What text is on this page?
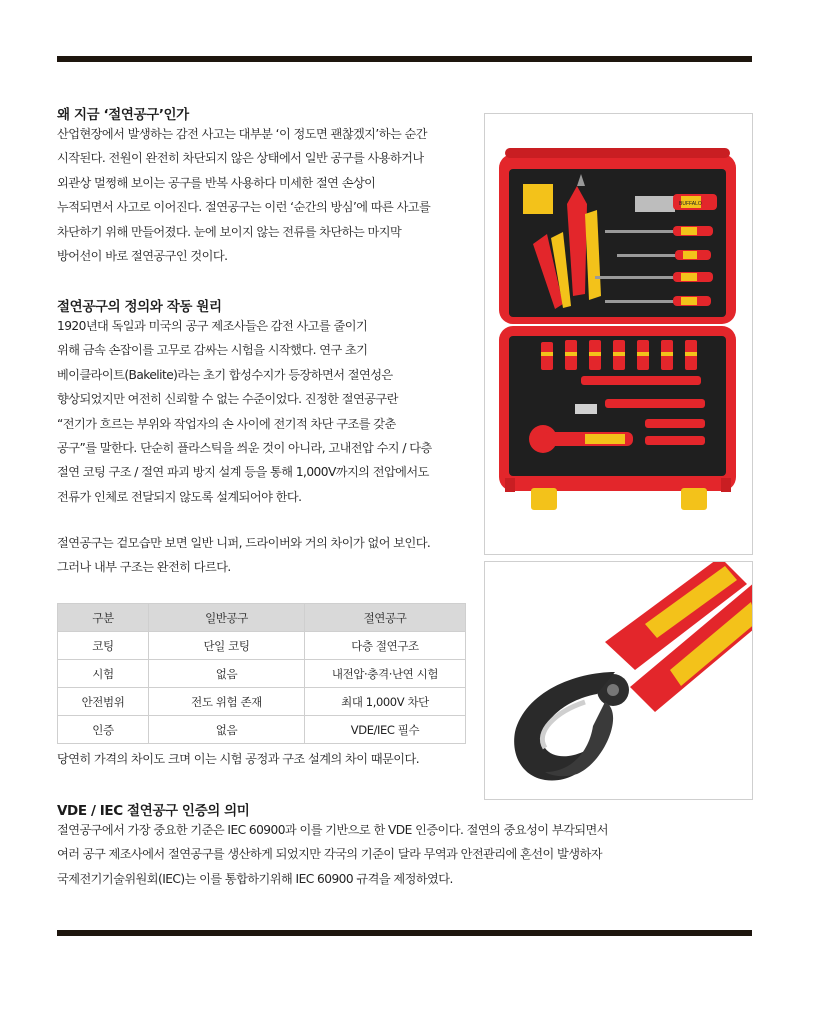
왜 지금 ‘절연공구’인가

산업현장에서 발생하는 감전 사고는 대부분 ‘이 정도면 괜찮겠지’하는 순간
시작된다. 전원이 완전히 차단되지 않은 상태에서 일반 공구를 사용하거나
외관상 멀쩡해 보이는 공구를 반복 사용하다 미세한 절연 손상이
누적되면서 사고로 이어진다. 절연공구는 이런 ‘순간의 방심’에 따른 사고를
차단하기 위해 만들어졌다. 눈에 보이지 않는 전류를 차단하는 마지막
방어선이 바로 절연공구인 것이다.

절연공구의 정의와 작동 원리

1920년대 독일과 미국의 공구 제조사들은 감전 사고를 줄이기
위해 금속 손잡이를 고무로 감싸는 시험을 시작했다. 연구 초기
베이클라이트(Bakelite)라는 초기 합성수지가 등장하면서 절연성은
향상되었지만 여전히 신뢰할 수 없는 수준이었다. 진정한 절연공구란
“전기가 흐르는 부위와 작업자의 손 사이에 전기적 차단 구조를 갖춘
공구”를 말한다. 단순히 플라스틱을 씌운 것이 아니라, 고내전압 수지 / 다층
절연 코팅 구조 / 절연 파괴 방지 설계 등을 통해 1,000V까지의 전압에서도
전류가 인체로 전달되지 않도록 설계되어야 한다.

절연공구는 겉모습만 보면 일반 니퍼, 드라이버와 거의 차이가 없어 보인다.
그러나 내부 구조는 완전히 다르다.

구분	일반공구	절연공구
코팅	단일 코팅	다층 절연구조
시험	없음	내전압·충격·난연 시험
안전범위	전도 위험 존재	최대 1,000V 차단
인증	없음	VDE/IEC 필수

당연히 가격의 차이도 크며 이는 시험 공정과 구조 설계의 차이 때문이다.

VDE / IEC 절연공구 인증의 의미

절연공구에서 가장 중요한 기준은 IEC 60900과 이를 기반으로 한 VDE 인증이다. 절연의 중요성이 부각되면서
여러 공구 제조사에서 절연공구를 생산하게 되었지만 각국의 기준이 달라 무역과 안전관리에 혼선이 발생하자
국제전기기술위원회(IEC)는 이를 통합하기위해 IEC 60900 규격을 제정하였다.

BUFFALO
